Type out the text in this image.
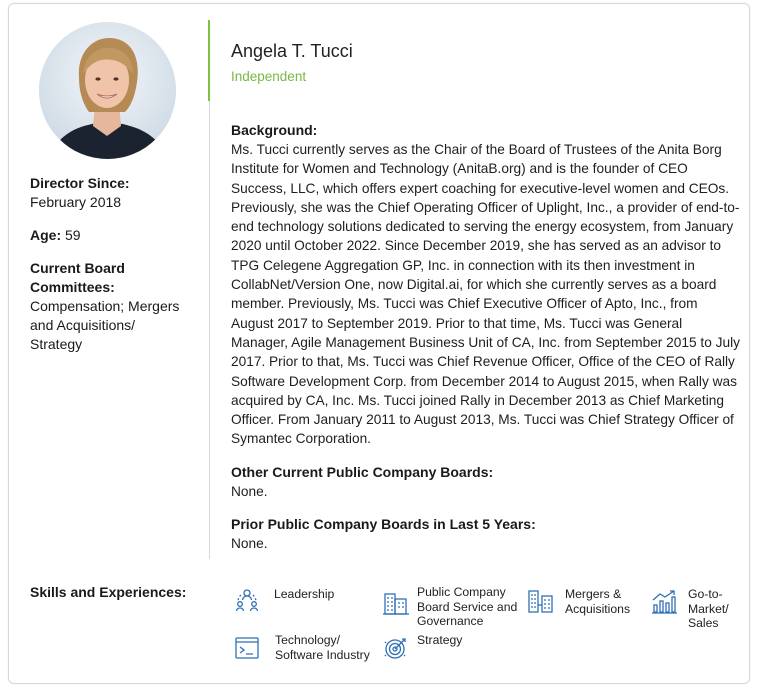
Director Since:
February 2018
Age: 59
Current Board Committees:
Compensation; Mergers and Acquisitions/ Strategy
Angela T. Tucci
Independent
Background:

Ms. Tucci currently serves as the Chair of the Board of Trustees of the Anita Borg Institute for Women and Technology (AnitaB.org) and is the founder of CEO Success, LLC, which offers expert coaching for executive-level women and CEOs. Previously, she was the Chief Operating Officer of Uplight, Inc., a provider of end-to-end technology solutions dedicated to serving the energy ecosystem, from January 2020 until October 2022. Since December 2019, she has served as an advisor to TPG Celegene Aggregation GP, Inc. in connection with its then investment in CollabNet/Version One, now Digital.ai, for which she currently serves as a board member. Previously, Ms. Tucci was Chief Executive Officer of Apto, Inc., from August 2017 to September 2019. Prior to that time, Ms. Tucci was General Manager, Agile Management Business Unit of CA, Inc. from September 2015 to July 2017. Prior to that, Ms. Tucci was Chief Revenue Officer, Office of the CEO of Rally Software Development Corp. from December 2014 to August 2015, when Rally was acquired by CA, Inc. Ms. Tucci joined Rally in December 2013 as Chief Marketing Officer. From January 2011 to August 2013, Ms. Tucci was Chief Strategy Officer of Symantec Corporation.

Other Current Public Company Boards:

None.

Prior Public Company Boards in Last 5 Years:

None.

Skills and Experiences:	Leadership	Public Company Board Service and Governance
Mergers & Acquisitions
Go-to-Market/ Sales
Technology/ Software Industry
Strategy
